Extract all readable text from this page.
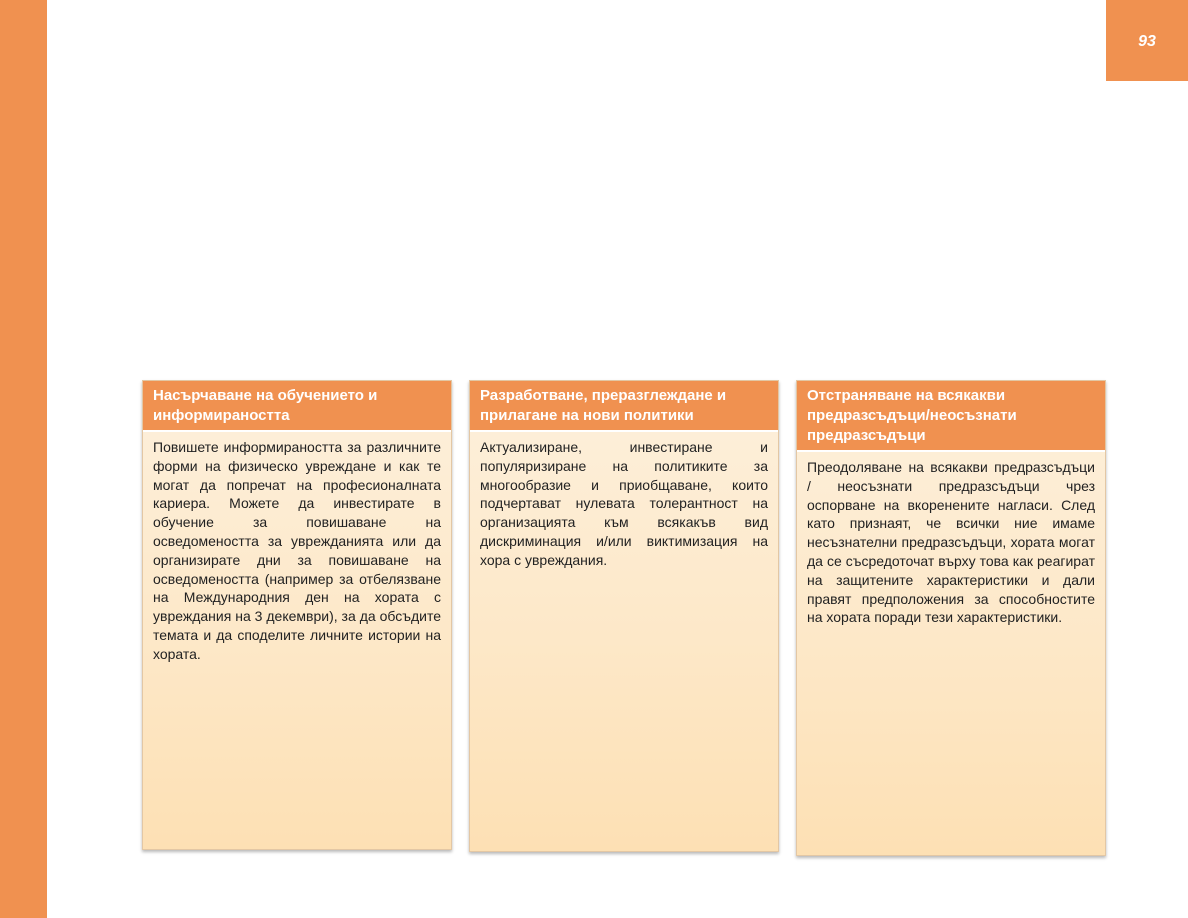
93
Насърчаване на обучението и информираността
Повишете информираността за различните форми на физическо увреждане и как те могат да попречат на професионалната кариера. Можете да инвестирате в обучение за повишаване на осведомеността за уврежданията или да организирате дни за повишаване на осведомеността (например за отбелязване на Международния ден на хората с увреждания на 3 декември), за да обсъдите темата и да споделите личните истории на хората.
Разработване, преразглеждане и прилагане на нови политики
Актуализиране, инвестиране и популяризиране на политиките за многообразие и приобщаване, които подчертават нулевата толерантност на организацията към всякакъв вид дискриминация и/или виктимизация на хора с увреждания.
Отстраняване на всякакви предразсъдъци/неосъзнати предразсъдъци
Преодоляване на всякакви предразсъдъци / неосъзнати предразсъдъци чрез оспорване на вкоренените нагласи. След като признаят, че всички ние имаме несъзнателни предразсъдъци, хората могат да се съсредоточат върху това как реагират на защитените характеристики и дали правят предположения за способностите на хората поради тези характеристики.
